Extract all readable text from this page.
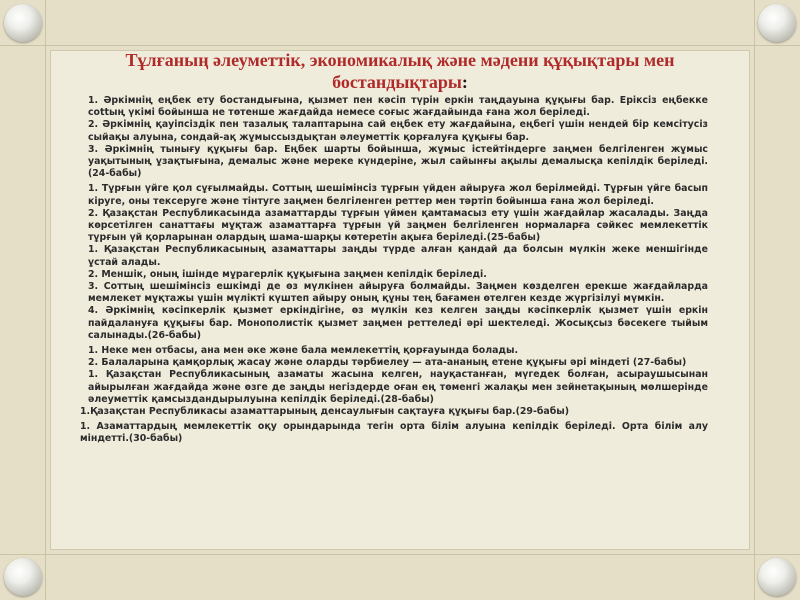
Тұлғаның әлеуметтік, экономикалық және мәдени құқықтары мен бостандықтары:

1. Әркімнің еңбек ету бостандығына, қызмет пен кәсіп түрін еркін таңдауына құқығы бар. Еріксіз еңбекке сottың үкімі бойынша не төтенше жағдайда немесе соғыс жағдайында ғана жол беріледі.

2. Әркімнің қауіпсіздік пен тазалық талаптарына сай еңбек ету жағдайына, еңбегі үшін нендей бір кемсітусіз сыйақы алуына, сондай-ақ жұмыссыздықтан әлеуметтік қорғалуға құқығы бар.

3. Әркімнің тынығу құқығы бар. Еңбек шарты бойынша, жұмыс істейтіндерге заңмен белгіленген жұмыс уақытының ұзақтығына, демалыс және мереке күндеріне, жыл сайынғы ақылы демалысқа кепілдік беріледі. (24-бабы)

1. Тұрғын үйге қол сұғылмайды. Соттың шешімінсіз тұрғын үйден айыруға жол берілмейді. Тұрғын үйге басып кіруге, оны тексеруге және тінтуге заңмен белгіленген реттер мен тәртіп бойынша ғана жол беріледі.

2. Қазақстан Республикасында азаматтарды тұрғын үймен қамтамасыз ету үшін жағдайлар жасалады. Заңда көрсетілген санаттағы мұқтаж азаматтарға тұрғын үй заңмен белгіленген нормаларға сәйкес мемлекеттік тұрғын үй қорларынан олардың шама-шарқы көтеретін ақыға беріледі.(25-бабы)

1. Қазақстан Республикасының азаматтары заңды түрде алған қандай да болсын мүлкін жеке меншігінде ұстай алады.

2. Меншік, оның ішінде мұрагерлік құқығына заңмен кепілдік беріледі.

3. Соттың шешімінсіз ешкімді де өз мүлкінен айыруға болмайды. Заңмен көзделген ерекше жағдайларда мемлекет мұқтажы үшін мүлікті күштеп айыру оның құны тең бағамен өтелген кезде жүргізілуі мүмкін.

4. Әркімнің кәсіпкерлік қызмет еркіндігіне, өз мүлкін кез келген заңды кәсіпкерлік қызмет үшін еркін пайдалануға құқығы бар. Монополистік қызмет заңмен реттеледі әрі шектеледі. Жосықсыз бәсекеге тыйым салынады.(26-бабы)

1. Неке мен отбасы, ана мен әке және бала мемлекеттің қорғауында болады.

2. Балаларына қамқорлық жасау және оларды тәрбиелеу — ата-ананың етене құқығы әрі міндеті (27-бабы)

1. Қазақстан Республикасының азаматы жасына келген, науқастанған, мүгедек болған, асыраушысынан айырылған жағдайда және өзге де заңды негіздерде оған ең төменгі жалақы мен зейнетақының мөлшерінде әлеуметтік қамсыздандырылуына кепілдік беріледі.(28-бабы)

1.Қазақстан Республикасы азаматтарының денсаулығын сақтауға құқығы бар.(29-бабы)

1. Азаматтардың мемлекеттік оқу орындарында тегін орта білім алуына кепілдік беріледі. Орта білім алу міндетті.(30-бабы)
